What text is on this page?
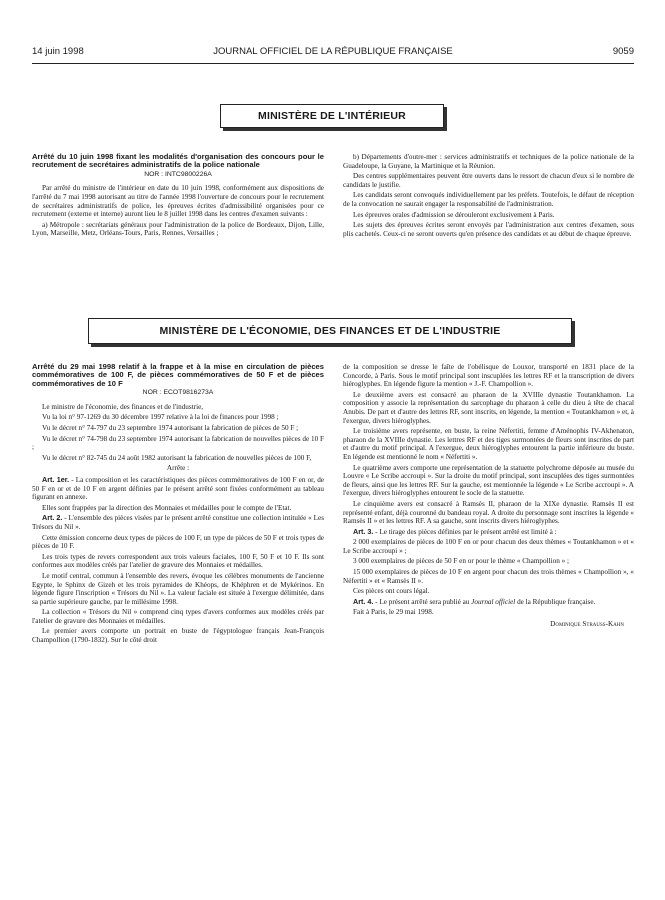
14 juin 1998	JOURNAL OFFICIEL DE LA RÉPUBLIQUE FRANÇAISE	9059
MINISTÈRE DE L'INTÉRIEUR

Arrêté du 10 juin 1998 fixant les modalités d'organisation des concours pour le recrutement de secrétaires administratifs de la police nationale

NOR : INTC9800226A

Par arrêté du ministre de l'intérieur en date du 10 juin 1998, conformément aux dispositions de l'arrêté du 7 mai 1998 autorisant au titre de l'année 1998 l'ouverture de concours pour le recrutement de secrétaires administratifs de police, les épreuves écrites d'admissibilité organisées pour ce recrutement (externe et interne) auront lieu le 8 juillet 1998 dans les centres d'examen suivants :

a) Métropole : secrétariats généraux pour l'administration de la police de Bordeaux, Dijon, Lille, Lyon, Marseille, Metz, Orléans-Tours, Paris, Rennes, Versailles ;

b) Départements d'outre-mer : services administratifs et techniques de la police nationale de la Guadeloupe, la Guyane, la Martinique et la Réunion.

Des centres supplémentaires peuvent être ouverts dans le ressort de chacun d'eux si le nombre de candidats le justifie.

Les candidats seront convoqués individuellement par les préfets. Toutefois, le défaut de réception de la convocation ne saurait engager la responsabilité de l'administration.

Les épreuves orales d'admission se dérouleront exclusivement à Paris.

Les sujets des épreuves écrites seront envoyés par l'administration aux centres d'examen, sous plis cachetés. Ceux-ci ne seront ouverts qu'en présence des candidats et au début de chaque épreuve.

MINISTÈRE DE L'ÉCONOMIE, DES FINANCES ET DE L'INDUSTRIE

Arrêté du 29 mai 1998 relatif à la frappe et à la mise en circulation de pièces commémoratives de 100 F, de pièces commémoratives de 50 F et de pièces commémoratives de 10 F

NOR : ECOT9816273A

Le ministre de l'économie, des finances et de l'industrie,

Vu la loi n° 97-1269 du 30 décembre 1997 relative à la loi de finances pour 1998 ;

Vu le décret n° 74-797 du 23 septembre 1974 autorisant la fabrication de pièces de 50 F ;

Vu le décret n° 74-798 du 23 septembre 1974 autorisant la fabrication de nouvelles pièces de 10 F ;

Vu le décret n° 82-745 du 24 août 1982 autorisant la fabrication de nouvelles pièces de 100 F,

Arrête :

Art. 1er. - La composition et les caractéristiques des pièces commémoratives de 100 F en or, de 50 F en or et de 10 F en argent définies par le présent arrêté sont fixées conformément au tableau figurant en annexe.

Elles sont frappées par la direction des Monnaies et médailles pour le compte de l'Etat.

Art. 2. - L'ensemble des pièces visées par le présent arrêté constitue une collection intitulée « Les Trésors du Nil ».

Cette émission concerne deux types de pièces de 100 F, un type de pièces de 50 F et trois types de pièces de 10 F.

Les trois types de revers correspondent aux trois valeurs faciales, 100 F, 50 F et 10 F. Ils sont conformes aux modèles créés par l'atelier de gravure des Monnaies et médailles.

Le motif central, commun à l'ensemble des revers, évoque les célèbres monuments de l'ancienne Egypte, le Sphinx de Gizeh et les trois pyramides de Khéops, de Khéphren et de Mykérinos. En légende figure l'inscription « Trésors du Nil ». La valeur faciale est située à l'exergue délimitée, dans sa partie supérieure gauche, par le millésime 1998.

La collection « Trésors du Nil » comprend cinq types d'avers conformes aux modèles créés par l'atelier de gravure des Monnaies et médailles.

Le premier avers comporte un portrait en buste de l'égyptologue français Jean-François Champollion (1790-1832). Sur le côté droit

de la composition se dresse le faîte de l'obélisque de Louxor, transporté en 1831 place de la Concorde, à Paris. Sous le motif principal sont inscuplées les lettres RF et la transcription de divers hiéroglyphes. En légende figure la mention « J.-F. Champollion ».

Le deuxième avers est consacré au pharaon de la XVIIIe dynastie Toutankhamon. La composition y associe la représentation du sarcophage du pharaon à celle du dieu à tête de chacal Anubis. De part et d'autre des lettres RF, sont inscrits, en légende, la mention « Toutankhamon » et, à l'exergue, divers hiéroglyphes.

Le troisième avers représente, en buste, la reine Néfertiti, femme d'Aménophis IV-Akhenaton, pharaon de la XVIIIe dynastie. Les lettres RF et des tiges surmontées de fleurs sont inscrites de part et d'autre du motif principal. A l'exergue, deux hiéroglyphes entourent la partie inférieure du buste. En légende est mentionné le nom « Néfertiti ».

Le quatrième avers comporte une représentation de la statuette polychrome déposée au musée du Louvre « Le Scribe accroupi ». Sur la droite du motif principal, sont inscuplées des tiges surmontées de fleurs, ainsi que les lettres RF. Sur la gauche, est mentionnée la légende « Le Scribe accroupi ». A l'exergue, divers hiéroglyphes entourent le socle de la statuette.

Le cinquième avers est consacré à Ramsès II, pharaon de la XIXe dynastie. Ramsès II est représenté enfant, déjà couronné du bandeau royal. A droite du personnage sont inscrites la légende « Ramsès II » et les lettres RF. A sa gauche, sont inscrits divers hiéroglyphes.

Art. 3. - Le tirage des pièces définies par le présent arrêté est limité à :

2 000 exemplaires de pièces de 100 F en or pour chacun des deux thèmes « Toutankhamon » et « Le Scribe accroupi » ;

3 000 exemplaires de pièces de 50 F en or pour le thème « Champollion » ;

15 000 exemplaires de pièces de 10 F en argent pour chacun des trois thèmes « Champollion », « Néfertiti » et « Ramsès II ».

Ces pièces ont cours légal.

Art. 4. - Le présent arrêté sera publié au Journal officiel de la République française.

Fait à Paris, le 29 mai 1998.

Dominique Strauss-Kahn
